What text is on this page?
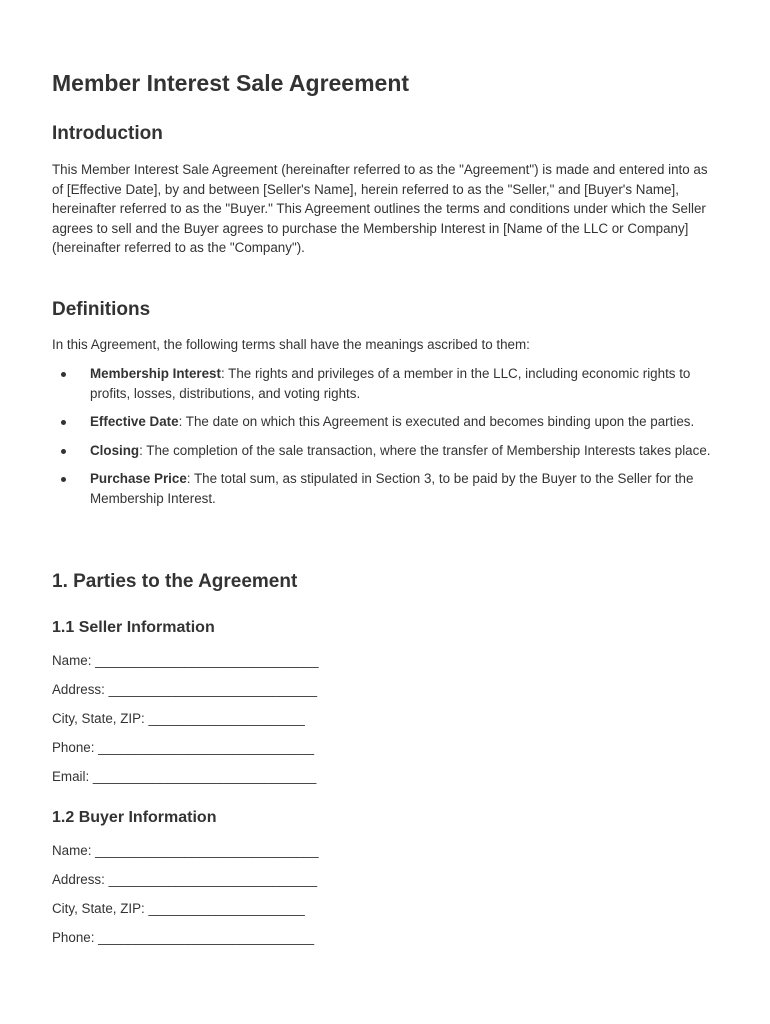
Member Interest Sale Agreement
Introduction

This Member Interest Sale Agreement (hereinafter referred to as the "Agreement") is made and entered into as of [Effective Date], by and between [Seller's Name], herein referred to as the "Seller," and [Buyer's Name], hereinafter referred to as the "Buyer." This Agreement outlines the terms and conditions under which the Seller agrees to sell and the Buyer agrees to purchase the Membership Interest in [Name of the LLC or Company] (hereinafter referred to as the "Company").

Definitions

In this Agreement, the following terms shall have the meanings ascribed to them:

Membership Interest: The rights and privileges of a member in the LLC, including economic rights to profits, losses, distributions, and voting rights.
Effective Date: The date on which this Agreement is executed and becomes binding upon the parties.
Closing: The completion of the sale transaction, where the transfer of Membership Interests takes place.
Purchase Price: The total sum, as stipulated in Section 3, to be paid by the Buyer to the Seller for the Membership Interest.
1. Parties to the Agreement
1.1 Seller Information

Name: ______________________________

Address: ____________________________

City, State, ZIP: _____________________

Phone: _____________________________

Email: ______________________________

1.2 Buyer Information

Name: ______________________________

Address: ____________________________

City, State, ZIP: _____________________

Phone: _____________________________
